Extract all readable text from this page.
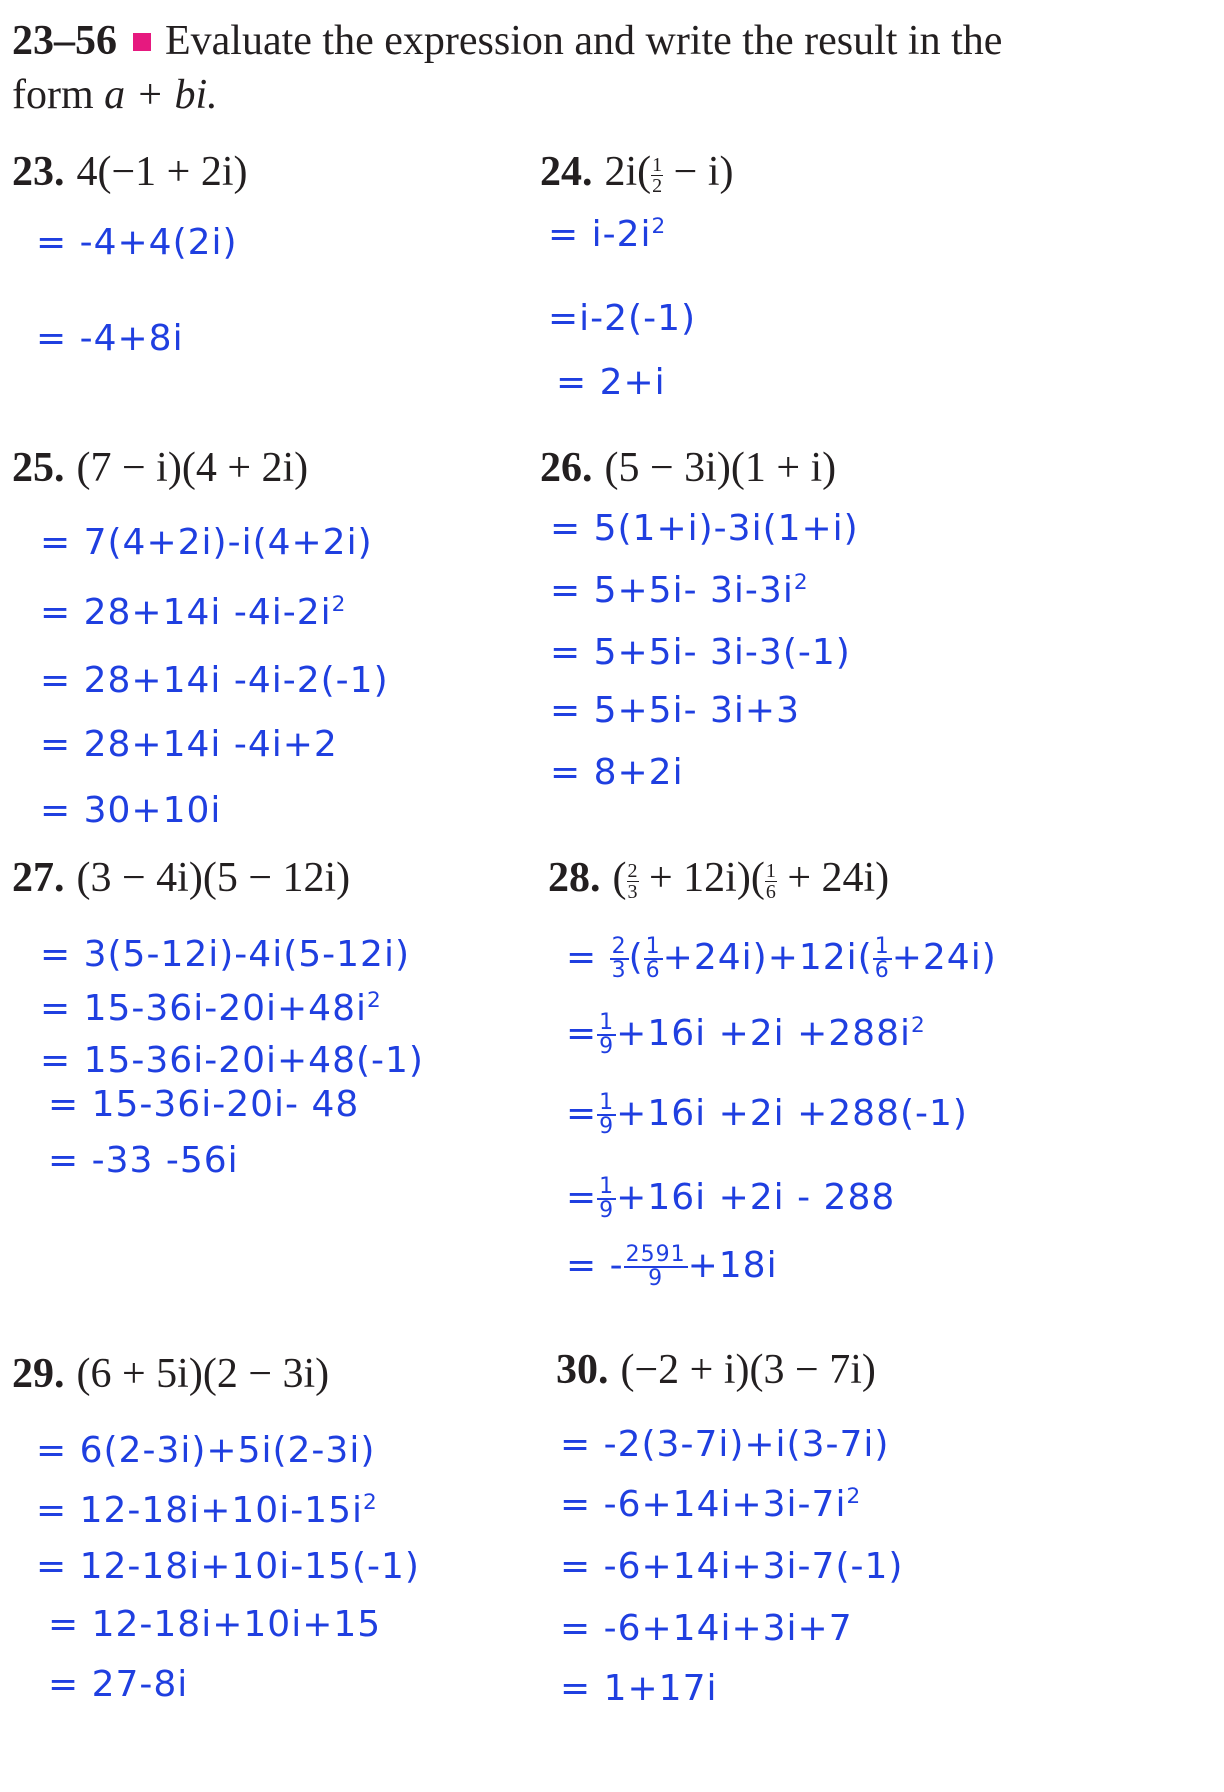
23–56 Evaluate the expression and write the result in the
form a + bi.
23. 4(−1 + 2i)
= -4+4(2i)
= -4+8i
24. $2i( \frac{1}{2} - i)$
= $i-2i^2$
=i-2(-1)
= 2+i
25. (7 − i)(4 + 2i)
= 7(4+2i)-i(4+2i)
= 28+14i $-4i-2i^2$
= 28+14i -4i-2(-1)
= 28+14i -4i+2
= 30+10i
26. (5 − 3i)(1 + i)
= 5(1+i)-3i(1+i)
= 5+5i- $3i-3i^2$
= 5+5i- 3i-3(-1)
= 5+5i- 3i+3
= 8+2i
27. (3 − 4i)(5 − 12i)
= 3(5-12i)-4i(5-12i)
= $15-36i-20i+48i^2$
= 15-36i-20i+48(-1)
= 15-36i-20i- 48
= -33 -56i
28. ( $\frac{2}{3} + 12i)( \frac{1}{6} + 24i)$
= $\frac{2}{3}$ ( $\frac{1}{6} +24i)+12i( \frac{1}{6} +24i)$
= $\frac{1}{9} +16i +2i +288i^2$
= $\frac{1}{9} +16i +2i +288(-1)$
= $\frac{1}{9} +16i +2i - 288$
= - $\frac{2591}{9} +18i$
29. (6 + 5i)(2 − 3i)
= 6(2-3i)+5i(2-3i)
= $12-18i+10i-15i^2$
= 12-18i+10i-15(-1)
= 12-18i+10i+15
= 27-8i
30. (−2 + i)(3 − 7i)
= -2(3-7i)+i(3-7i)
= $-6+14i+3i-7i^2$
= -6+14i+3i-7(-1)
= -6+14i+3i+7
= 1+17i
